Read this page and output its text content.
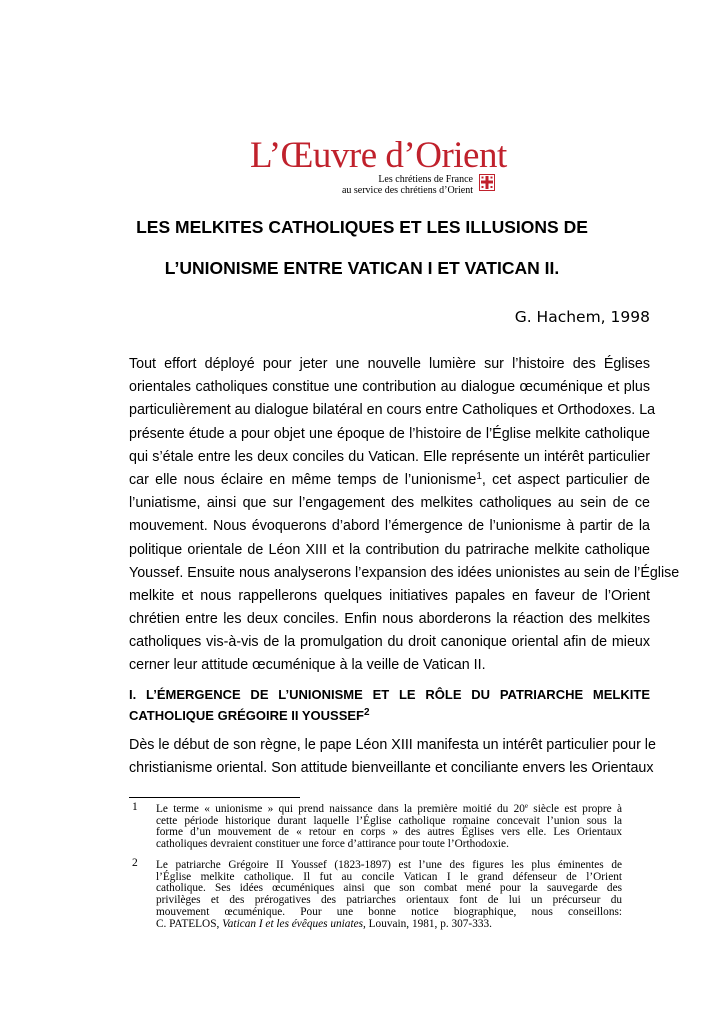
L’Œuvre d’Orient
Les chrétiens de France
au service des chrétiens d’Orient
LES MELKITES CATHOLIQUES ET LES ILLUSIONS DE
L’UNIONISME ENTRE VATICAN I ET VATICAN II.
G. Hachem, 1998
Tout effort déployé pour jeter une nouvelle lumière sur l’histoire des Églises
orientales catholiques constitue une contribution au dialogue œcuménique et plus
particulièrement au dialogue bilatéral en cours entre Catholiques et Orthodoxes. La
présente étude a pour objet une époque de l’histoire de l’Église melkite catholique
qui s’étale entre les deux conciles du Vatican. Elle représente un intérêt particulier
car elle nous éclaire en même temps de l’unionisme$^1$, cet aspect particulier de
l’uniatisme, ainsi que sur l’engagement des melkites catholiques au sein de ce
mouvement. Nous évoquerons d’abord l’émergence de l’unionisme à partir de la
politique orientale de Léon XIII et la contribution du patrirache melkite catholique
Youssef. Ensuite nous analyserons l’expansion des idées unionistes au sein de l’Église
melkite et nous rappellerons quelques initiatives papales en faveur de l’Orient
chrétien entre les deux conciles. Enfin nous aborderons la réaction des melkites
catholiques vis-à-vis de la promulgation du droit canonique oriental afin de mieux
cerner leur attitude œcuménique à la veille de Vatican II.
I. L’ÉMERGENCE DE L’UNIONISME ET LE RÔLE DU PATRIARCHE MELKITE
CATHOLIQUE GRÉGOIRE II YOUSSEF$^2$
Dès le début de son règne, le pape Léon XIII manifesta un intérêt particulier pour le
christianisme oriental. Son attitude bienveillante et conciliante envers les Orientaux
1 Le terme « unionisme » qui prend naissance dans la première moitié du 20e siècle est propre à
cette période historique durant laquelle l’Église catholique romaine concevait l’union sous la
forme d’un mouvement de « retour en corps » des autres Églises vers elle. Les Orientaux
catholiques devraient constituer une force d’attirance pour toute l’Orthodoxie.
2 Le patriarche Grégoire II Youssef (1823-1897) est l’une des figures les plus éminentes de
l’Église melkite catholique. Il fut au concile Vatican I le grand défenseur de l’Orient
catholique. Ses idées œcuméniques ainsi que son combat mené pour la sauvegarde des
privilèges et des prérogatives des patriarches orientaux font de lui un précurseur du
mouvement œcuménique. Pour une bonne notice biographique, nous conseillons:
C. PATELOS, Vatican I et les évêques uniates, Louvain, 1981, p. 307-333.
